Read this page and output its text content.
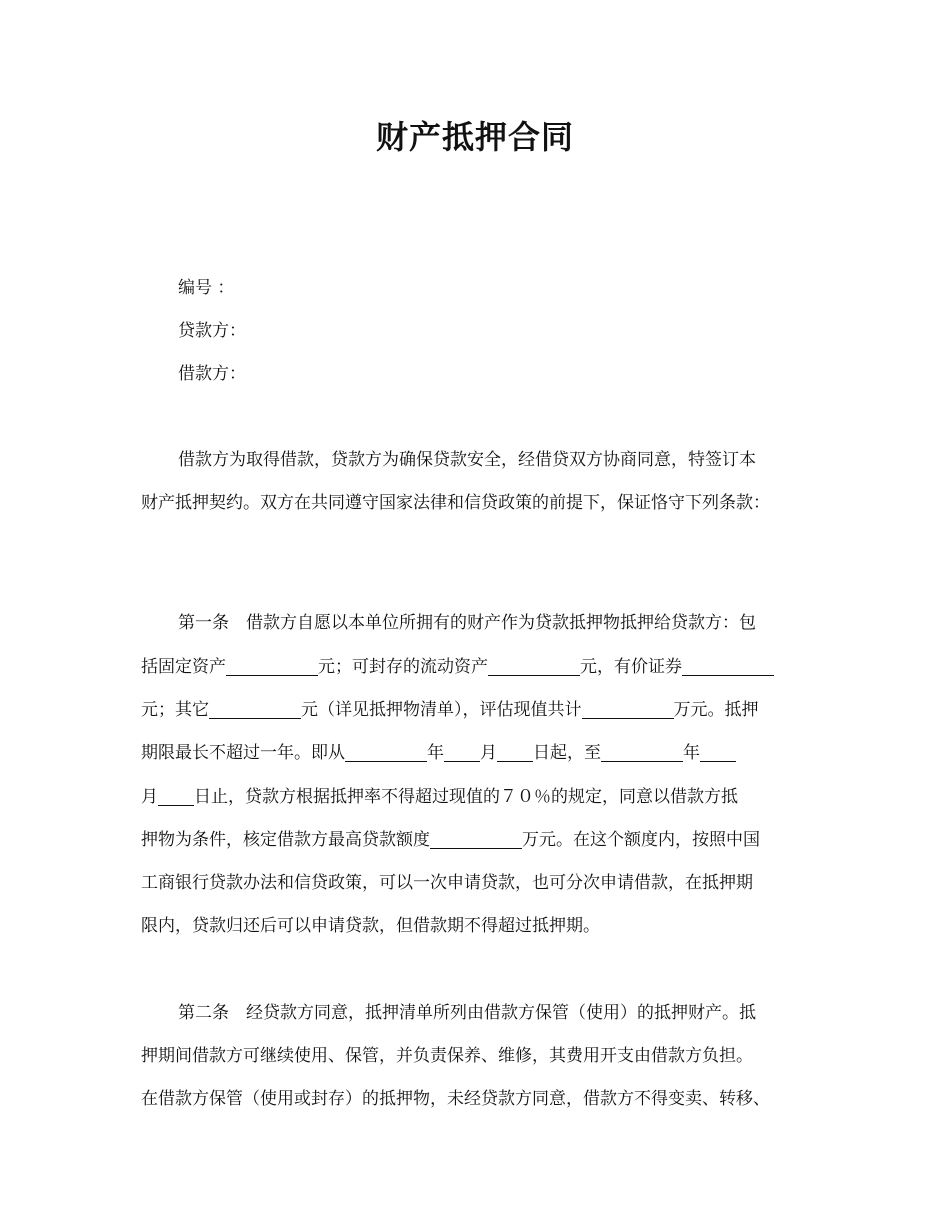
财产抵押合同
编号 ：
贷款方：
借款方：
借款方为取得借款，贷款方为确保贷款安全，经借贷双方协商同意，特签订本
财产抵押契约。双方在共同遵守国家法律和信贷政策的前提下，保证恪守下列条款：
第一条　借款方自愿以本单位所拥有的财产作为贷款抵押物抵押给贷款方：包
括固定资产	元；可封存的流动资产	元，有价证券
元；其它	元（详见抵押物清单），评估现值共计	万元。抵押
期限最长不超过一年。即从	年 月 日起，至	年
月 日止，贷款方根据抵押率不得超过现值的７０％的规定，同意以借款方抵
押物为条件，核定借款方最高贷款额度	万元。在这个额度内，按照中国
工商银行贷款办法和信贷政策，可以一次申请贷款，也可分次申请借款，在抵押期
限内，贷款归还后可以申请贷款，但借款期不得超过抵押期。
第二条　经贷款方同意，抵押清单所列由借款方保管（使用）的抵押财产。抵
押期间借款方可继续使用、保管，并负责保养、维修，其费用开支由借款方负担。
在借款方保管（使用或封存）的抵押物，未经贷款方同意，借款方不得变卖、转移、
